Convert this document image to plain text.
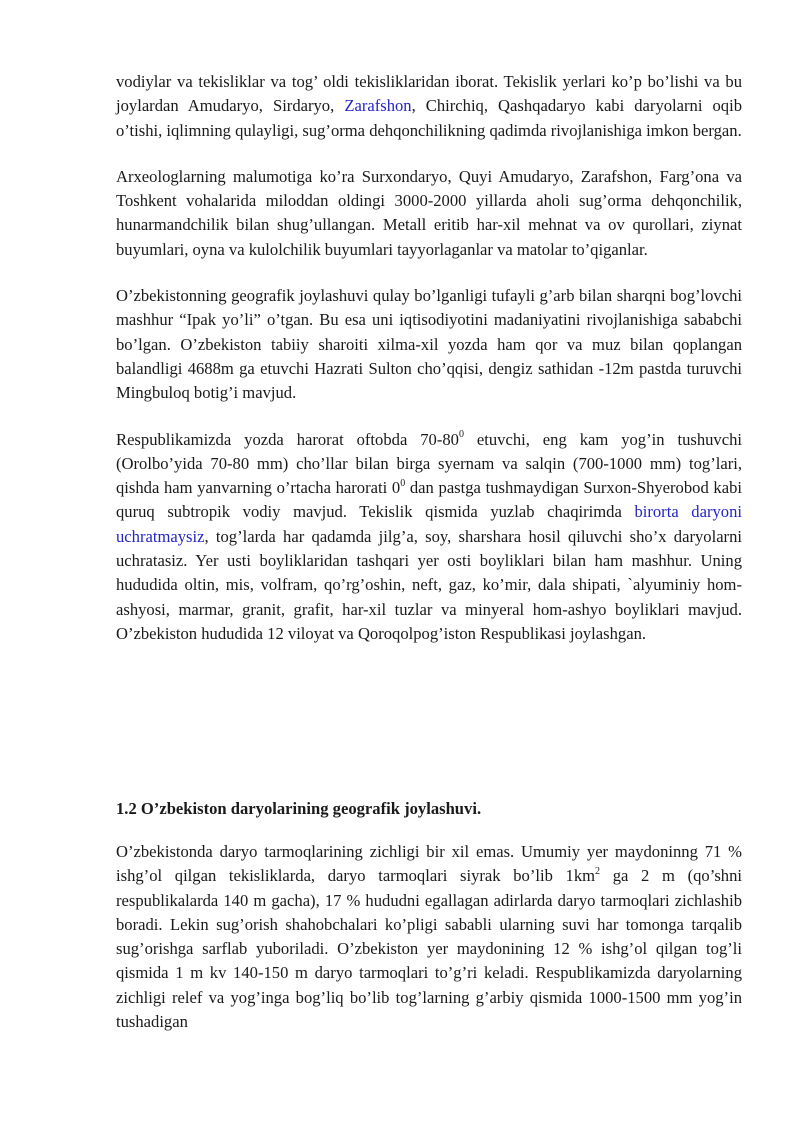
vodiylar va tekisliklar va tog’ oldi tekisliklaridan iborat. Tekislik yerlari ko’p bo’lishi va bu joylardan Amudaryo, Sirdaryo, Zarafshon, Chirchiq, Qashqadaryo kabi daryolarni oqib o’tishi, iqlimning qulayligi, sug’orma dehqonchilikning qadimda rivojlanishiga imkon bergan.

Arxeologlarning malumotiga ko’ra Surxondaryo, Quyi Amudaryo, Zarafshon, Farg’ona va Toshkent vohalarida miloddan oldingi 3000-2000 yillarda aholi sug’orma dehqonchilik, hunarmandchilik bilan shug’ullangan. Metall eritib har-xil mehnat va ov qurollari, ziynat buyumlari, oyna va kulolchilik buyumlari tayyorlaganlar va matolar to’qiganlar.

O’zbekistonning geografik joylashuvi qulay bo’lganligi tufayli g’arb bilan sharqni bog’lovchi mashhur “Ipak yo’li” o’tgan. Bu esa uni iqtisodiyotini madaniyatini rivojlanishiga sababchi bo’lgan. O’zbekiston tabiiy sharoiti xilma-xil yozda ham qor va muz bilan qoplangan balandligi 4688m ga etuvchi Hazrati Sulton cho’qqisi, dengiz sathidan -12m pastda turuvchi Mingbuloq botig’i mavjud.

Respublikamizda yozda harorat oftobda $70-80^0$ etuvchi, eng kam yog’in tushuvchi (Orolbo’yida 70-80 mm) cho’llar bilan birga syernam va salqin (700-1000 mm) tog’lari, qishda ham yanvarning o’rtacha harorati $0^0$ dan pastga tushmaydigan Surxon-Shyerobod kabi quruq subtropik vodiy mavjud. Tekislik qismida yuzlab chaqirimda birorta daryoni uchratmaysiz, tog’larda har qadamda jilg’a, soy, sharshara hosil qiluvchi sho’x daryolarni uchratasiz. Yer usti boyliklaridan tashqari yer osti boyliklari bilan ham mashhur. Uning hududida oltin, mis, volfram, qo’rg’oshin, neft, gaz, ko’mir, dala shipati, `alyuminiy hom-ashyosi, marmar, granit, grafit, har-xil tuzlar va minyeral hom-ashyo boyliklari mavjud. O’zbekiston hududida 12 viloyat va Qoroqolpog’iston Respublikasi joylashgan.

1.2 O’zbekiston daryolarining geografik joylashuvi.

O’zbekistonda daryo tarmoqlarining zichligi bir xil emas. Umumiy yer maydoninng 71 % ishg’ol qilgan tekisliklarda, daryo tarmoqlari siyrak bo’lib $1km^2$ ga 2 m (qo’shni respublikalarda 140 m gacha), 17 % hududni egallagan adirlarda daryo tarmoqlari zichlashib boradi. Lekin sug’orish shahobchalari ko’pligi sababli ularning suvi har tomonga tarqalib sug’orishga sarflab yuboriladi. O’zbekiston yer maydonining 12 % ishg’ol qilgan tog’li qismida 1 m kv 140-150 m daryo tarmoqlari to’g’ri keladi. Respublikamizda daryolarning zichligi relef va yog’inga bog’liq bo’lib tog’larning g’arbiy qismida 1000-1500 mm yog’in tushadigan
